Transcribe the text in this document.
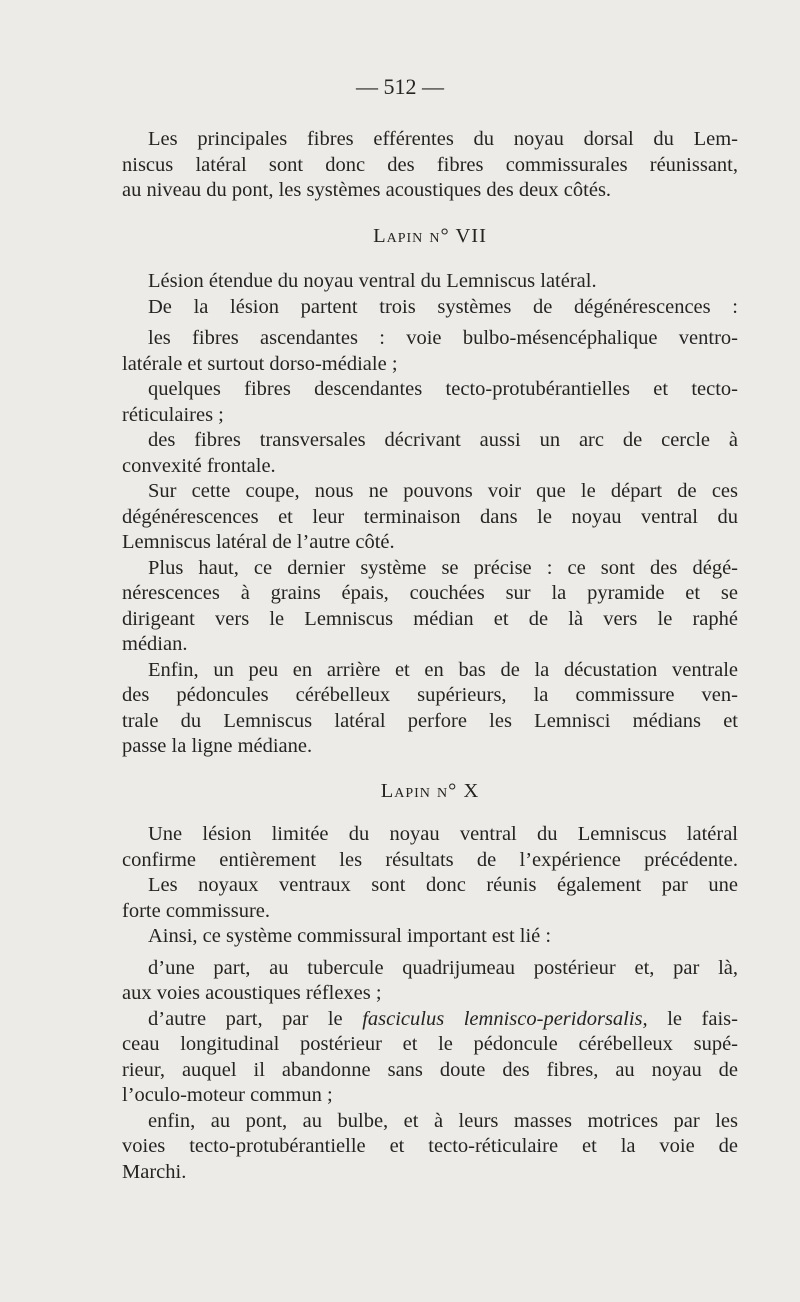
— 512 —
Les principales fibres efférentes du noyau dorsal du Lem-
niscus latéral sont donc des fibres commissurales réunissant,
au niveau du pont, les systèmes acoustiques des deux côtés.
Lapin n° VII
Lésion étendue du noyau ventral du Lemniscus latéral.
De la lésion partent trois systèmes de dégénérescences :
les fibres ascendantes : voie bulbo-mésencéphalique ventro-
latérale et surtout dorso-médiale ;
quelques fibres descendantes tecto-protubérantielles et tecto-
réticulaires ;
des fibres transversales décrivant aussi un arc de cercle à
convexité frontale.
Sur cette coupe, nous ne pouvons voir que le départ de ces
dégénérescences et leur terminaison dans le noyau ventral du
Lemniscus latéral de l’autre côté.
Plus haut, ce dernier système se précise : ce sont des dégé-
nérescences à grains épais, couchées sur la pyramide et se
dirigeant vers le Lemniscus médian et de là vers le raphé
médian.
Enfin, un peu en arrière et en bas de la décustation ventrale
des pédoncules cérébelleux supérieurs, la commissure ven-
trale du Lemniscus latéral perfore les Lemnisci médians et
passe la ligne médiane.
Lapin n° X
Une lésion limitée du noyau ventral du Lemniscus latéral
confirme entièrement les résultats de l’expérience précédente.
Les noyaux ventraux sont donc réunis également par une
forte commissure.
Ainsi, ce système commissural important est lié :
d’une part, au tubercule quadrijumeau postérieur et, par là,
aux voies acoustiques réflexes ;
d’autre part, par le fasciculus lemnisco-peridorsalis, le fais-
ceau longitudinal postérieur et le pédoncule cérébelleux supé-
rieur, auquel il abandonne sans doute des fibres, au noyau de
l’oculo-moteur commun ;
enfin, au pont, au bulbe, et à leurs masses motrices par les
voies tecto-protubérantielle et tecto-réticulaire et la voie de
Marchi.
